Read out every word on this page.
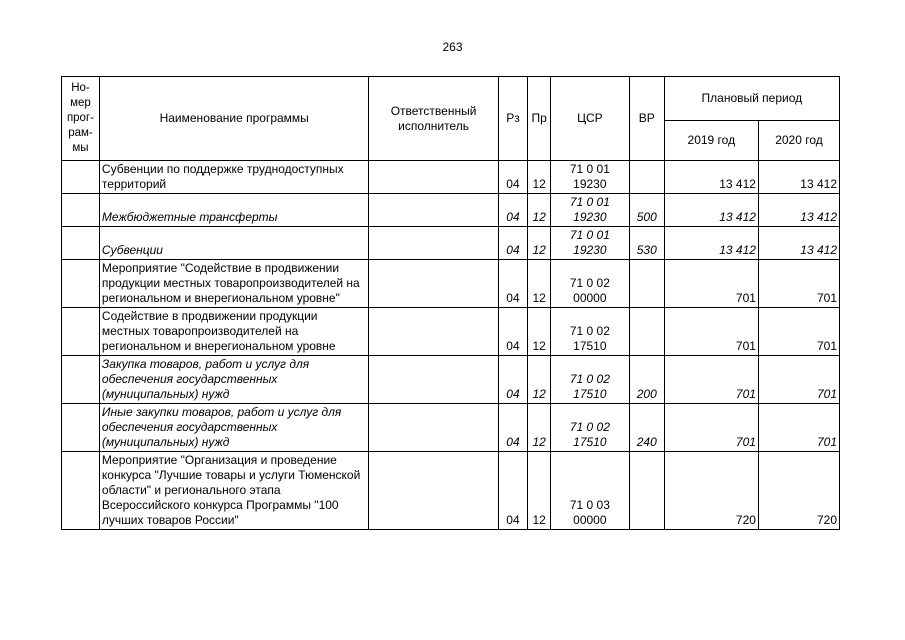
263
Но-
мер
прог-
рам-
мы	Наименование программы	Ответственный исполнитель	Рз	Пр	ЦСР	ВР	Плановый период	
							2019 год	2020 год
	Субвенции по поддержке труднодоступных территорий		04	12	71 0 01 19230		13 412	13 412
	Межбюджетные трансферты		04	12	71 0 01 19230	500	13 412	13 412
	Субвенции		04	12	71 0 01 19230	530	13 412	13 412
	Мероприятие "Содействие в продвижении продукции местных товаропроизводителей на региональном и внерегиональном уровне"		04	12	71 0 02 00000		701	701
	Содействие в продвижении продукции местных товаропроизводителей на региональном и внерегиональном уровне		04	12	71 0 02 17510		701	701
	Закупка товаров, работ и услуг для обеспечения государственных (муниципальных) нужд		04	12	71 0 02 17510	200	701	701
	Иные закупки товаров, работ и услуг для обеспечения государственных (муниципальных) нужд		04	12	71 0 02 17510	240	701	701
	Мероприятие "Организация и проведение конкурса "Лучшие товары и услуги Тюменской области" и регионального этапа Всероссийского конкурса Программы "100 лучших товаров России"		04	12	71 0 03 00000		720	720
